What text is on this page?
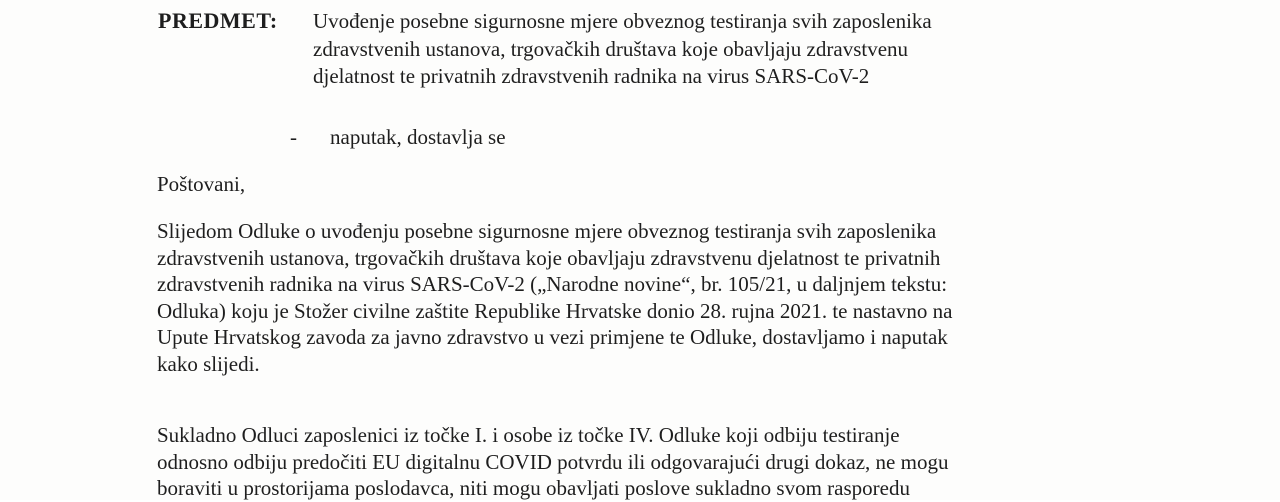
PREDMET: Uvođenje posebne sigurnosne mjere obveznog testiranja svih zaposlenika
zdravstvenih ustanova, trgovačkih društava koje obavljaju zdravstvenu
djelatnost te privatnih zdravstvenih radnika na virus SARS-CoV-2
- naputak, dostavlja se
Poštovani,
Slijedom Odluke o uvođenju posebne sigurnosne mjere obveznog testiranja svih zaposlenika
zdravstvenih ustanova, trgovačkih društava koje obavljaju zdravstvenu djelatnost te privatnih
zdravstvenih radnika na virus SARS-CoV-2 („Narodne novine“, br. 105/21, u daljnjem tekstu:
Odluka) koju je Stožer civilne zaštite Republike Hrvatske donio 28. rujna 2021. te nastavno na
Upute Hrvatskog zavoda za javno zdravstvo u vezi primjene te Odluke, dostavljamo i naputak
kako slijedi.
Sukladno Odluci zaposlenici iz točke I. i osobe iz točke IV. Odluke koji odbiju testiranje
odnosno odbiju predočiti EU digitalnu COVID potvrdu ili odgovarajući drugi dokaz, ne mogu
boraviti u prostorijama poslodavca, niti mogu obavljati poslove sukladno svom rasporedu
